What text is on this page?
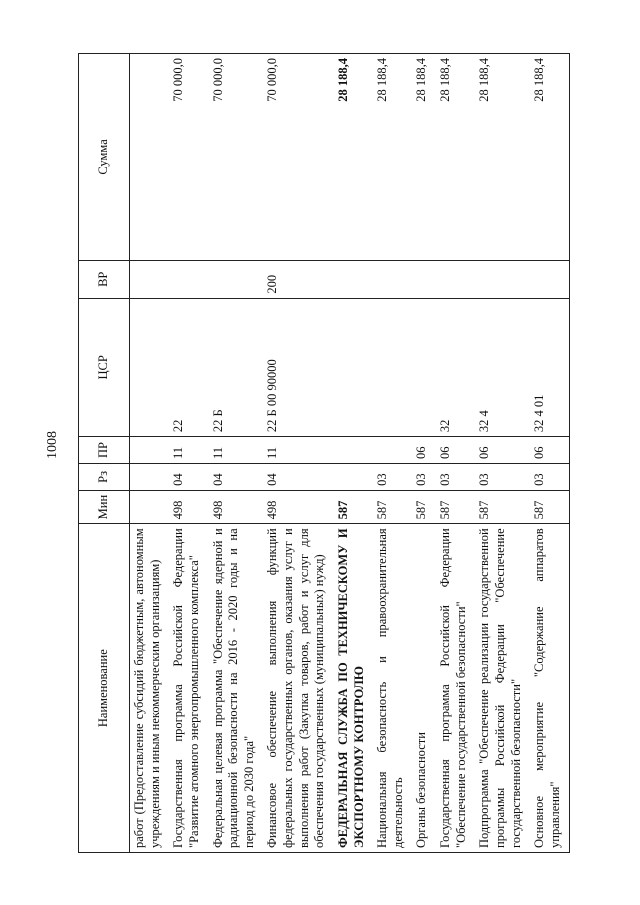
1008
Наименование	Мин	Рз	ПР	ЦСР	ВР	Сумма
работ (Предоставление субсидий бюджетным, автономным учреждениям и иным некоммерческим организациям)						
Государственная программа Российской Федерации "Развитие атомного энергопромышленного комплекса"	498	04	11	22		70 000,0
Федеральная целевая программа "Обеспечение ядерной и радиационной безопасности на 2016 - 2020 годы и на период до 2030 года"	498	04	11	22 Б		70 000,0
Финансовое обеспечение выполнения функций федеральных государственных органов, оказания услуг и выполнения работ (Закупка товаров, работ и услуг для обеспечения государственных (муниципальных) нужд)	498	04	11	22 Б 00 90000	200	70 000,0
ФЕДЕРАЛЬНАЯ СЛУЖБА ПО ТЕХНИЧЕСКОМУ И ЭКСПОРТНОМУ КОНТРОЛЮ	587					28 188,4
Национальная безопасность и правоохранительная деятельность	587	03				28 188,4
Органы безопасности	587	03	06			28 188,4
Государственная программа Российской Федерации "Обеспечение государственной безопасности"	587	03	06	32		28 188,4
Подпрограмма "Обеспечение реализации государственной программы Российской Федерации "Обеспечение государственной безопасности"	587	03	06	32 4		28 188,4
Основное мероприятие "Содержание аппаратов управления"	587	03	06	32 4 01		28 188,4
